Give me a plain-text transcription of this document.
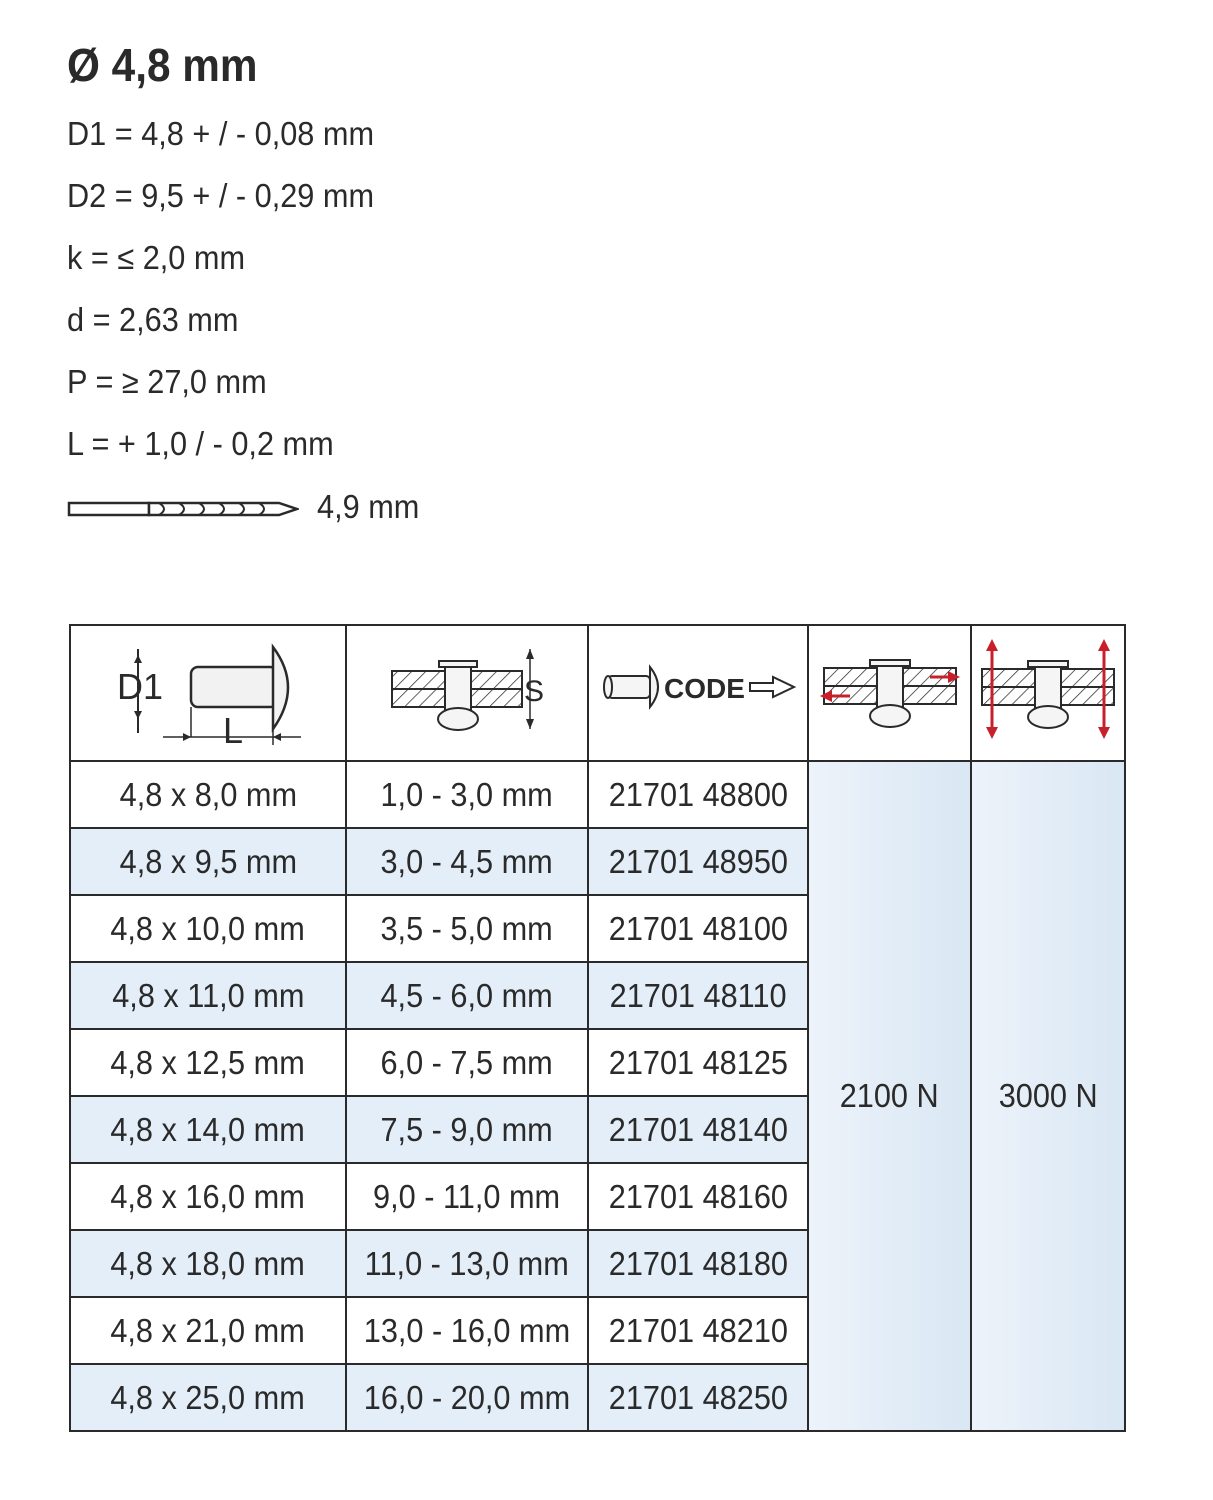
Ø 4,8 mm
D1 = 4,8 + / - 0,08 mm
D2 = 9,5 + / - 0,29 mm
k = ≤ 2,0 mm
d = 2,63 mm
P = ≥ 27,0 mm
L = + 1,0 / - 0,2 mm
4,9 mm
D1
L	S	CODE

4,8 x 8,0 mm	1,0 - 3,0 mm	21701 48800	2100 N	3000 N
4,8 x 9,5 mm	3,0 - 4,5 mm	21701 48950		
4,8 x 10,0 mm	3,5 - 5,0 mm	21701 48100		
4,8 x 11,0 mm	4,5 - 6,0 mm	21701 48110		
4,8 x 12,5 mm	6,0 - 7,5 mm	21701 48125		
4,8 x 14,0 mm	7,5 - 9,0 mm	21701 48140		
4,8 x 16,0 mm	9,0 - 11,0 mm	21701 48160		
4,8 x 18,0 mm	11,0 - 13,0 mm	21701 48180		
4,8 x 21,0 mm	13,0 - 16,0 mm	21701 48210		
4,8 x 25,0 mm	16,0 - 20,0 mm	21701 48250		
